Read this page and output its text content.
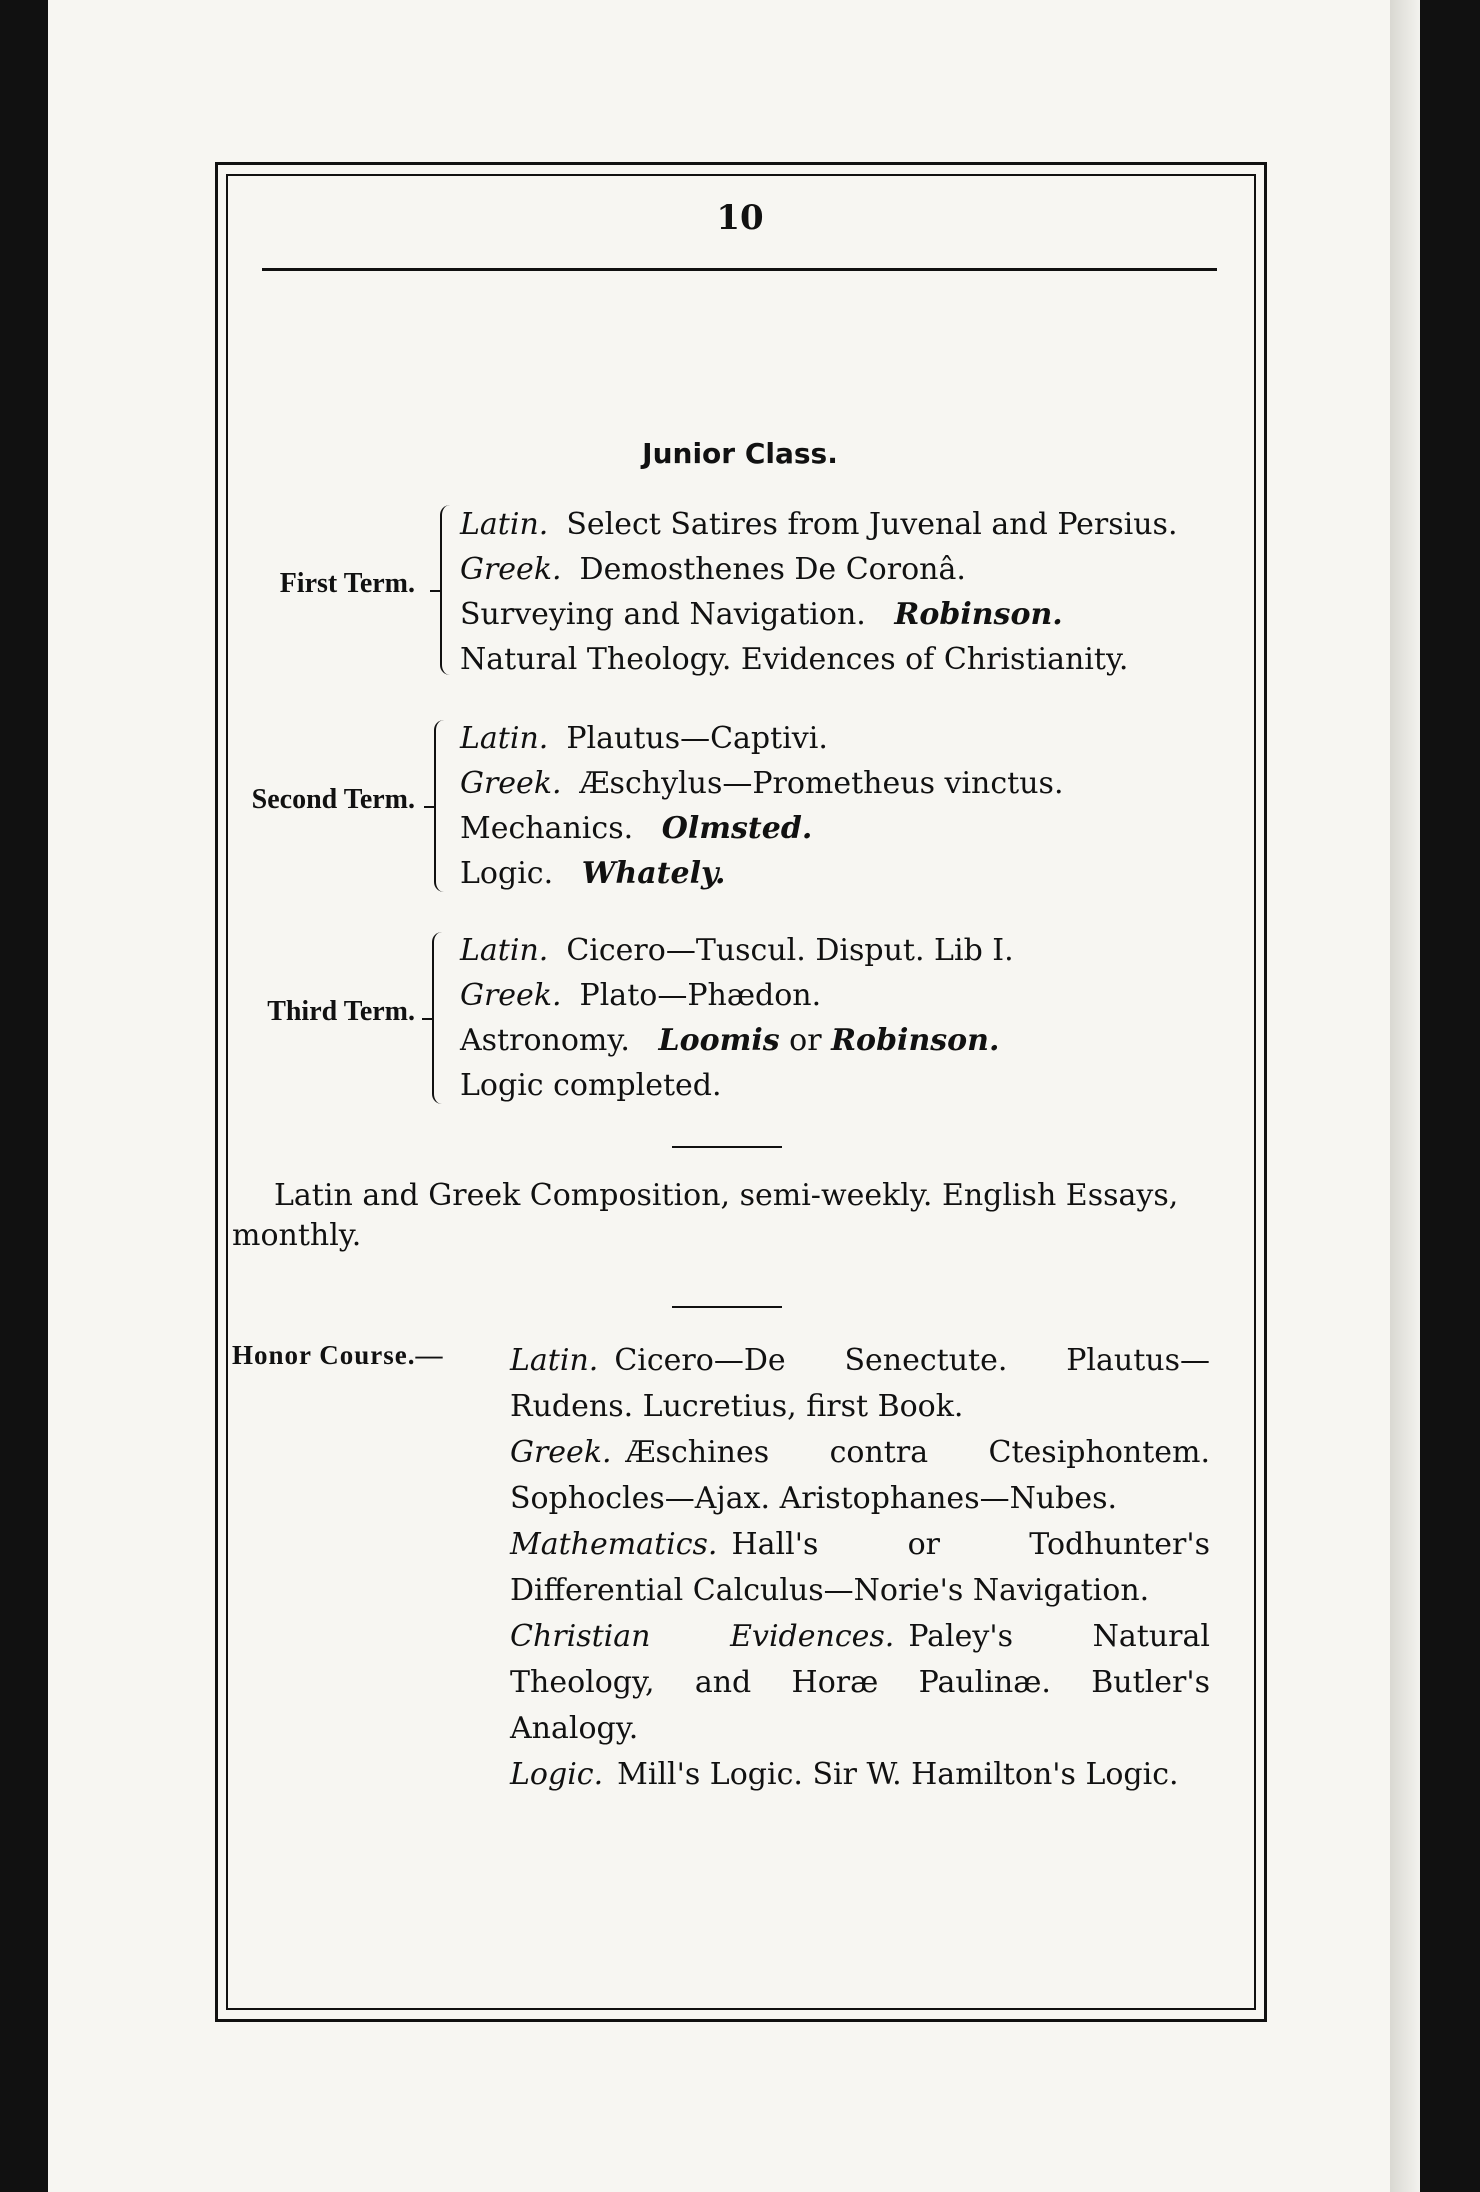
10
Junior Class.
First Term.
Latin. Select Satires from Juvenal and Persius.
Greek. Demosthenes De Coronâ.
Surveying and Navigation. Robinson.
Natural Theology. Evidences of Christianity.
Second Term.
Latin. Plautus—Captivi.
Greek. Æschylus—Prometheus vinctus.
Mechanics. Olmsted.
Logic. Whately.
Third Term.
Latin. Cicero—Tuscul. Disput. Lib I.
Greek. Plato—Phædon.
Astronomy. Loomis or Robinson.
Logic completed.
Latin and Greek Composition, semi-weekly. English Essays, monthly.
Honor Course.— Latin. Cicero—De Senectute. Plautus—Rudens. Lucretius, first Book.
Greek. Æschines contra Ctesiphontem. Sophocles—Ajax. Aristophanes—Nubes.
Mathematics. Hall's or Todhunter's Differential Calculus—Norie's Navigation.
Christian Evidences. Paley's Natural Theology, and Horæ Paulinæ. Butler's Analogy.
Logic. Mill's Logic. Sir W. Hamilton's Logic.
